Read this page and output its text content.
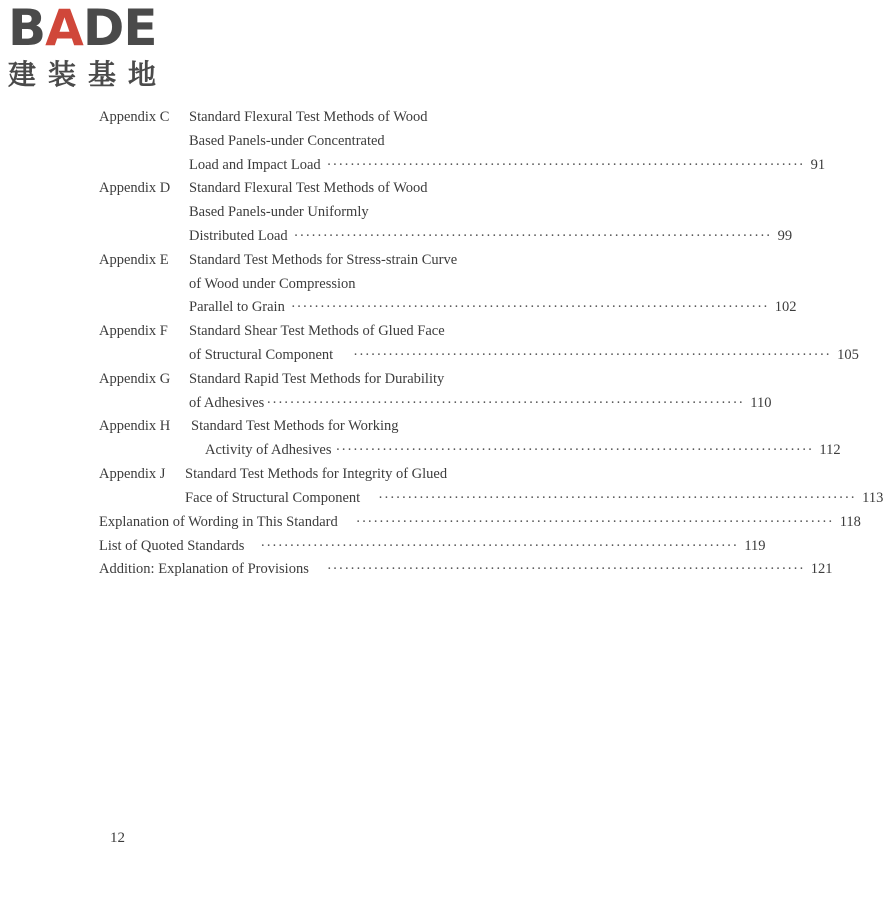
BADE
建装基地
Appendix C	Standard Flexural Test Methods of Wood
Based Panels-under Concentrated
Load and Impact Load ·················································································· 91
Appendix D	Standard Flexural Test Methods of Wood
Based Panels-under Uniformly
Distributed Load ·················································································· 99
Appendix E	Standard Test Methods for Stress-strain Curve
of Wood under Compression
Parallel to Grain ·················································································· 102
Appendix F	Standard Shear Test Methods of Glued Face
of Structural Component ·················································································· 105
Appendix G	Standard Rapid Test Methods for Durability
of Adhesives ·················································································· 110
Appendix H	Standard Test Methods for Working
Activity of Adhesives ·················································································· 112
Appendix J	Standard Test Methods for Integrity of Glued
Face of Structural Component ·················································································· 113
Explanation of Wording in This Standard ·················································································· 118
List of Quoted Standards ·················································································· 119
Addition: Explanation of Provisions ·················································································· 121
12
